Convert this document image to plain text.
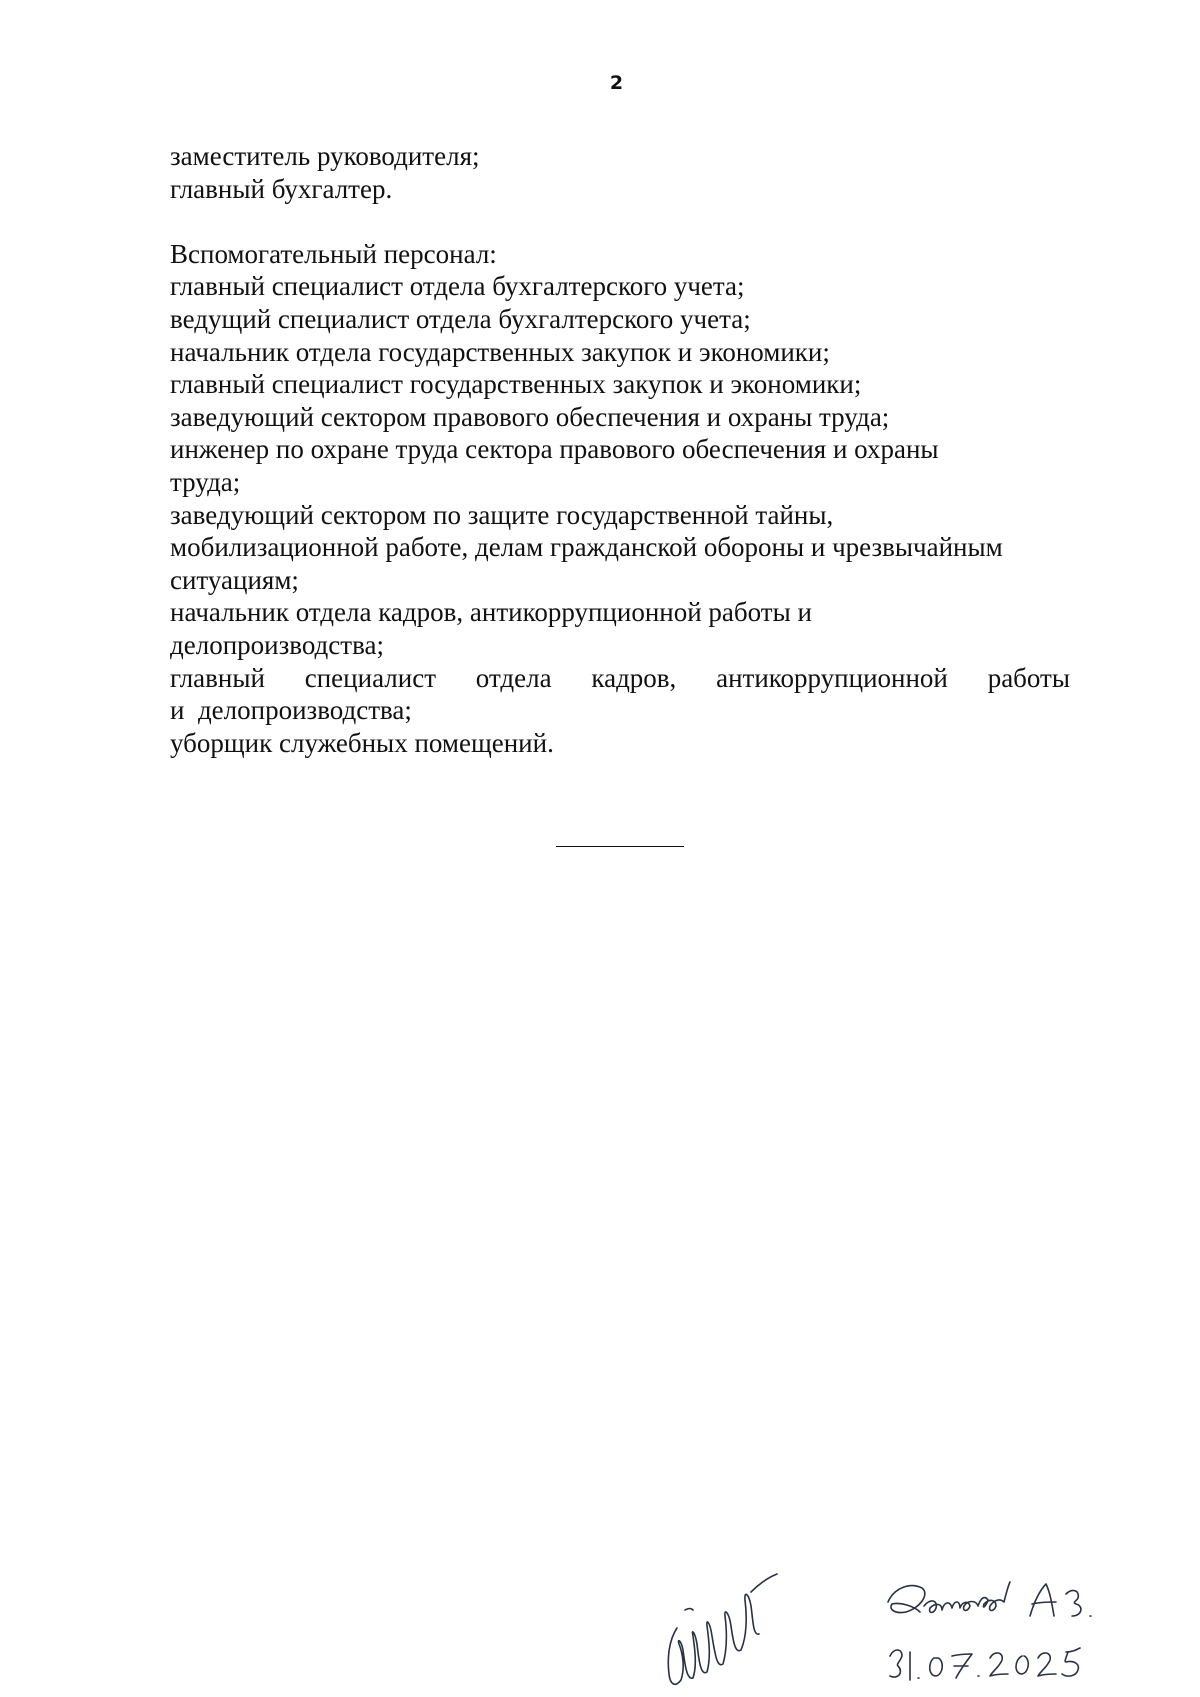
2
заместитель руководителя;
главный бухгалтер.
Вспомогательный персонал:
главный специалист отдела бухгалтерского учета;
ведущий специалист отдела бухгалтерского учета;
начальник отдела государственных закупок и экономики;
главный специалист государственных закупок и экономики;
заведующий сектором правового обеспечения и охраны труда;
инженер по охране труда сектора правового обеспечения и охраны
труда;
заведующий сектором по защите государственной тайны,
мобилизационной работе, делам гражданской обороны и чрезвычайным
ситуациям;
начальник отдела кадров, антикоррупционной работы и
делопроизводства;
главный специалист отдела кадров, антикоррупционной работы
и  делопроизводства;
уборщик служебных помещений.
